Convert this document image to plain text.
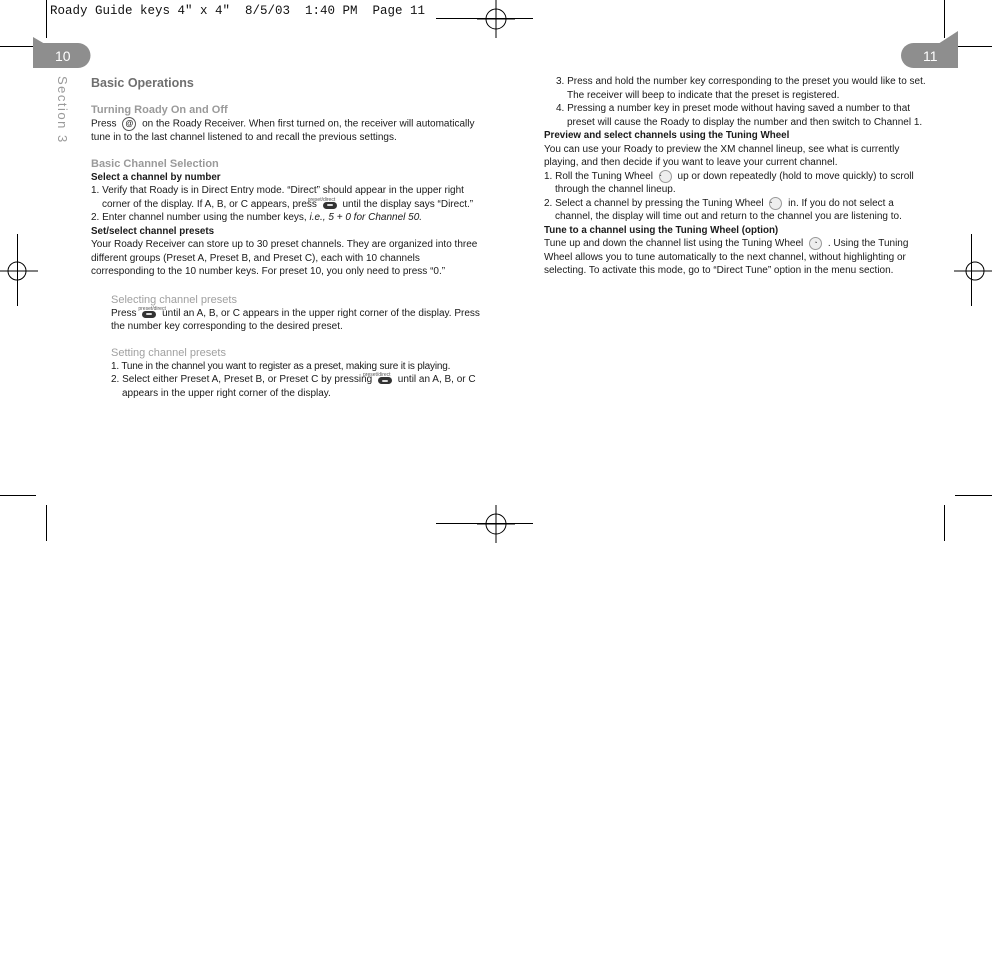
Roady Guide keys 4" x 4"  8/5/03  1:40 PM  Page 11
10	11
Section 3 Basic Operations
Turning Roady On and Off

Press @ on the Roady Receiver. When first turned on, the receiver will automatically tune in to the last channel listened to and recall the previous settings.

Basic Channel Selection
Select a channel by number
1. Verify that Roady is in Direct Entry mode. “Direct” should appear in the upper right corner of the display. If A, B, or C appears, press
preset/direct until the display says “Direct.”
2. Enter channel number using the number keys, i.e., 5 + 0 for Channel 50.
Set/select channel presets

Your Roady Receiver can store up to 30 preset channels. They are organized into three different groups (Preset A, Preset B, and Preset C), each with 10 channels corresponding to the 10 number keys. For preset 10, you only need to press “0.”

Selecting channel presets

Press preset/direct
until an A, B, or C appears in the upper right corner of the display. Press the number key corresponding to the desired preset.

Setting channel presets
1. Tune in the channel you want to register as a preset, making sure it is playing.
2. Select either Preset A, Preset B, or Preset C by pressing
preset/direct until an A, B, or C appears in the upper right corner of the display.
3. Press and hold the number key corresponding to the preset you would like to set. The receiver will beep to indicate that the preset is registered.
4. Pressing a number key in preset mode without having saved a number to that preset will cause the Roady to display the number and then switch to Channel 1.
Preview and select channels using the Tuning Wheel

You can use your Roady to preview the XM channel lineup, see what is currently playing, and then decide if you want to leave your current channel.

1. Roll the Tuning Wheel ◔ up or down repeatedly (hold to move quickly) to scroll through the channel lineup.
2. Select a channel by pressing the Tuning Wheel ◔ in. If you do not select a channel, the display will time out and return to the channel you are listening to.
Tune to a channel using the Tuning Wheel (option)

Tune up and down the channel list using the Tuning Wheel ◔ . Using the Tuning Wheel allows you to tune automatically to the next channel, without highlighting or selecting. To activate this mode, go to “Direct Tune” option in the menu section.
